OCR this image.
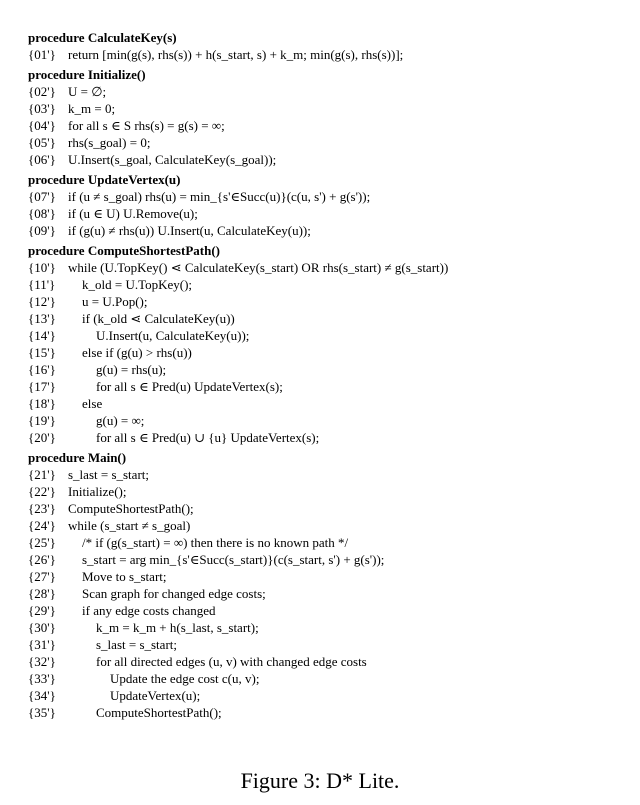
procedure CalculateKey(s)
{01'} return [min(g(s), rhs(s)) + h(s_start, s) + k_m; min(g(s), rhs(s))];
procedure Initialize()
{02'} U = ∅;
{03'} k_m = 0;
{04'} for all s ∈ S rhs(s) = g(s) = ∞;
{05'} rhs(s_goal) = 0;
{06'} U.Insert(s_goal, CalculateKey(s_goal));
procedure UpdateVertex(u)
{07'} if (u ≠ s_goal) rhs(u) = min_{s'∈Succ(u)}(c(u, s') + g(s'));
{08'} if (u ∈ U) U.Remove(u);
{09'} if (g(u) ≠ rhs(u)) U.Insert(u, CalculateKey(u));
procedure ComputeShortestPath()
{10'} while (U.TopKey() ⋖ CalculateKey(s_start) OR rhs(s_start) ≠ g(s_start))
{11'} k_old = U.TopKey();
{12'} u = U.Pop();
{13'} if (k_old ⋖ CalculateKey(u))
{14'}	U.Insert(u, CalculateKey(u));
{15'} else if (g(u) > rhs(u))
{16'}	g(u) = rhs(u);
{17'}	for all s ∈ Pred(u) UpdateVertex(s);
{18'} else
{19'}	g(u) = ∞;
{20'}	for all s ∈ Pred(u) ∪ {u} UpdateVertex(s);
procedure Main()
{21'} s_last = s_start;
{22'} Initialize();
{23'} ComputeShortestPath();
{24'} while (s_start ≠ s_goal)
{25'} /* if (g(s_start) = ∞) then there is no known path */
{26'} s_start = arg min_{s'∈Succ(s_start)}(c(s_start, s') + g(s'));
{27'} Move to s_start;
{28'} Scan graph for changed edge costs;
{29'} if any edge costs changed
{30'}	k_m = k_m + h(s_last, s_start);
{31'}	s_last = s_start;
{32'}	for all directed edges (u, v) with changed edge costs
{33'}	Update the edge cost c(u, v);
{34'}	UpdateVertex(u);
{35'}	ComputeShortestPath();
Figure 3: D* Lite.
